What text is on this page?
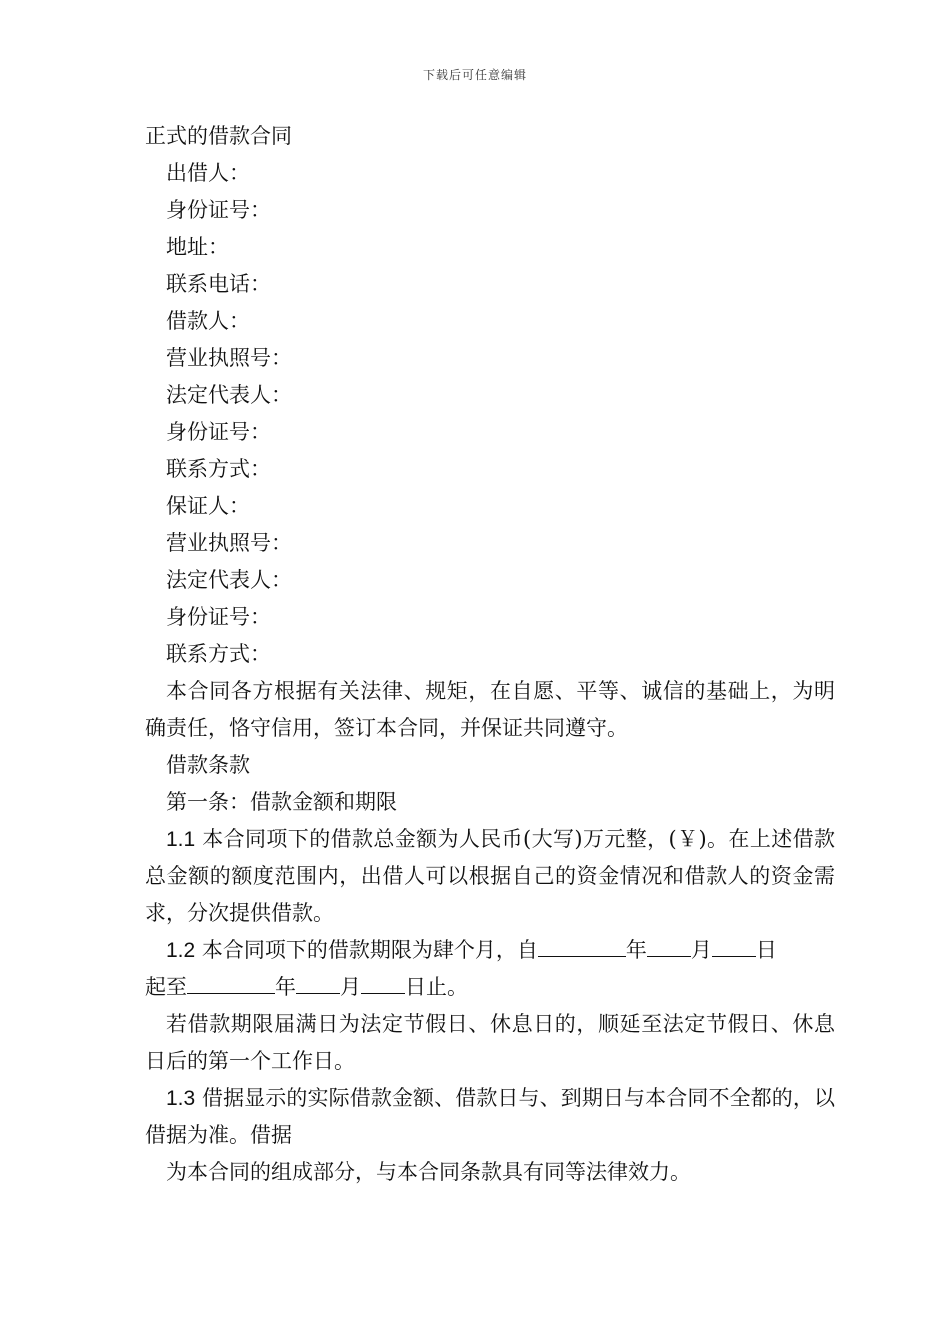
下载后可任意编辑
正式的借款合同
出借人：
身份证号：
地址：
联系电话：
借款人：
营业执照号：
法定代表人：
身份证号：
联系方式：
保证人：
营业执照号：
法定代表人：
身份证号：
联系方式：
本合同各方根据有关法律、规矩，在自愿、平等、诚信的基础上，为明确责任，恪守信用，签订本合同，并保证共同遵守。
借款条款
第一条：借款金额和期限
1.1 本合同项下的借款总金额为人民币(大写)万元整，(￥)。在上述借款总金额的额度范围内，出借人可以根据自己的资金情况和借款人的资金需求，分次提供借款。
1.2 本合同项下的借款期限为肆个月，自	年 月 日
起至	年 月 日止。
若借款期限届满日为法定节假日、休息日的，顺延至法定节假日、休息日后的第一个工作日。
1.3 借据显示的实际借款金额、借款日与、到期日与本合同不全都的，以借据为准。借据
为本合同的组成部分，与本合同条款具有同等法律效力。
